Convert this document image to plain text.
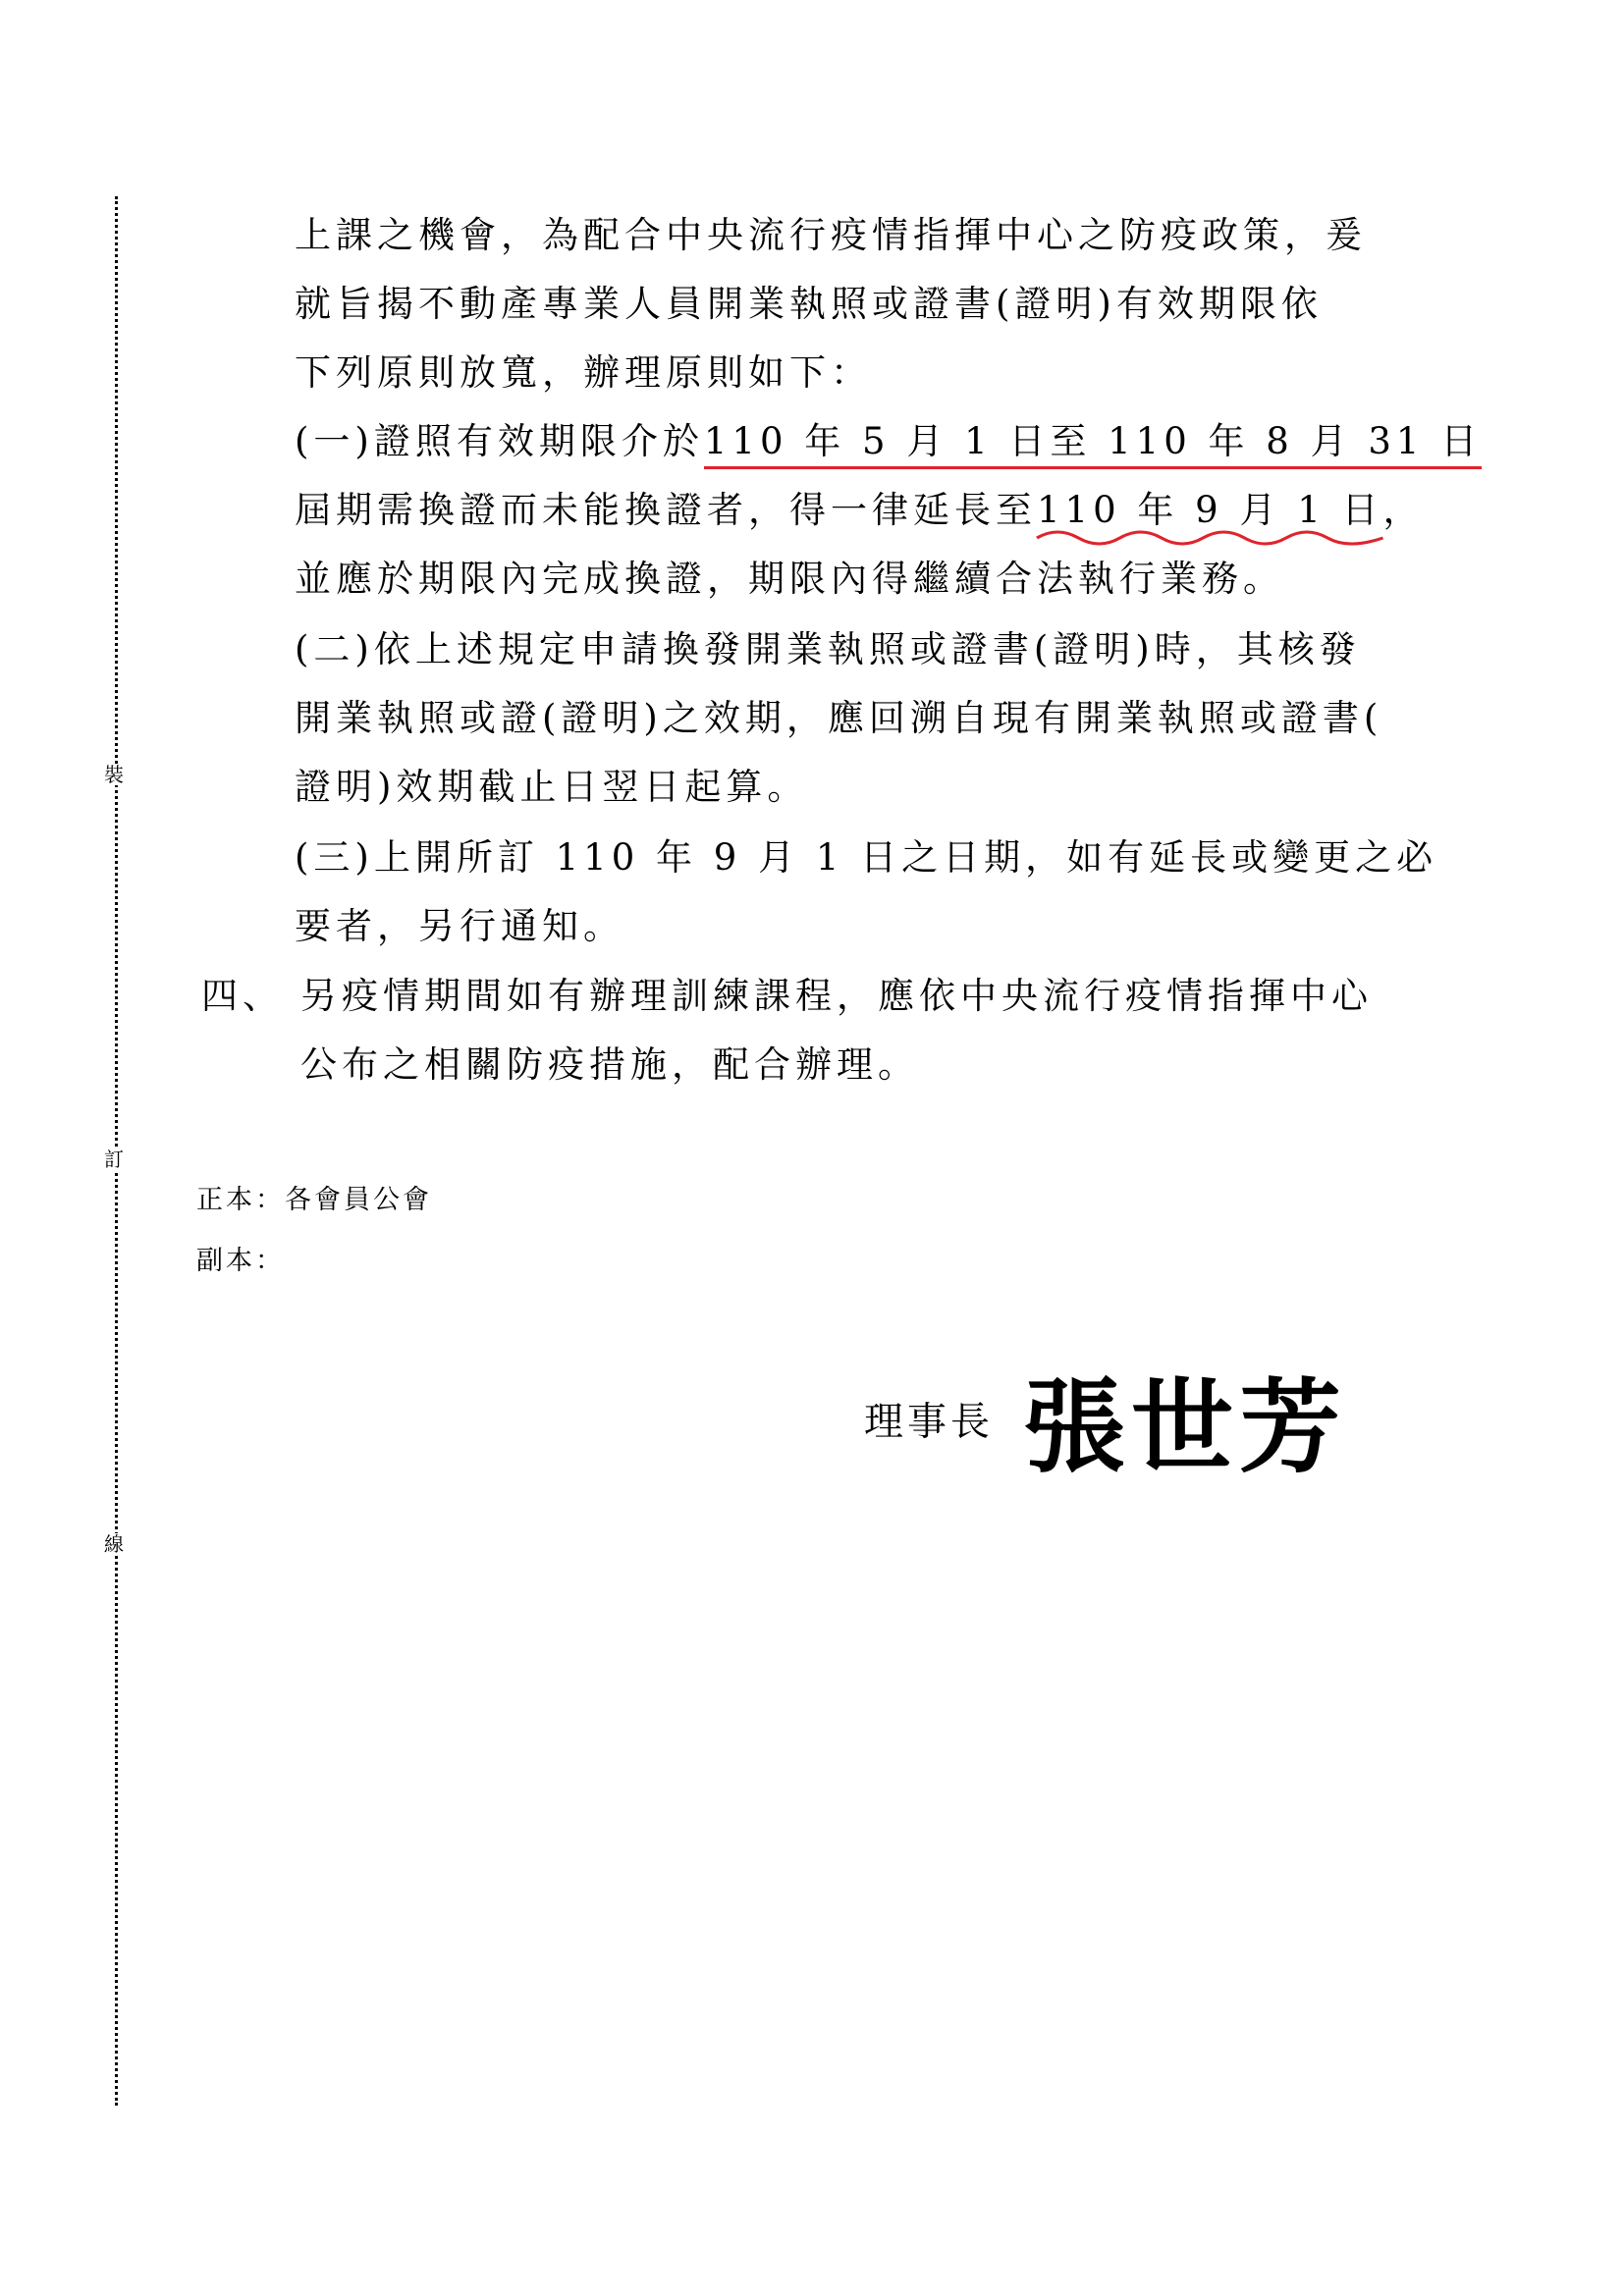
裝
訂
線
上課之機會，為配合中央流行疫情指揮中心之防疫政策，爰
就旨揭不動產專業人員開業執照或證書(證明)有效期限依
下列原則放寬，辦理原則如下：
(一)證照有效期限介於110 年 5 月 1 日至 110 年 8 月 31 日
屆期需換證而未能換證者，得一律延長至110 年 9 月 1 日
，
並應於期限內完成換證，期限內得繼續合法執行業務。
(二)依上述規定申請換發開業執照或證書(證明)時，其核發
開業執照或證(證明)之效期，應回溯自現有開業執照或證書(
證明)效期截止日翌日起算。
(三)上開所訂 110 年 9 月 1 日之日期，如有延長或變更之必
要者，另行通知。
四、 另疫情期間如有辦理訓練課程，應依中央流行疫情指揮中心
公布之相關防疫措施，配合辦理。
正本：各會員公會
副本：
理事長 張世芳
